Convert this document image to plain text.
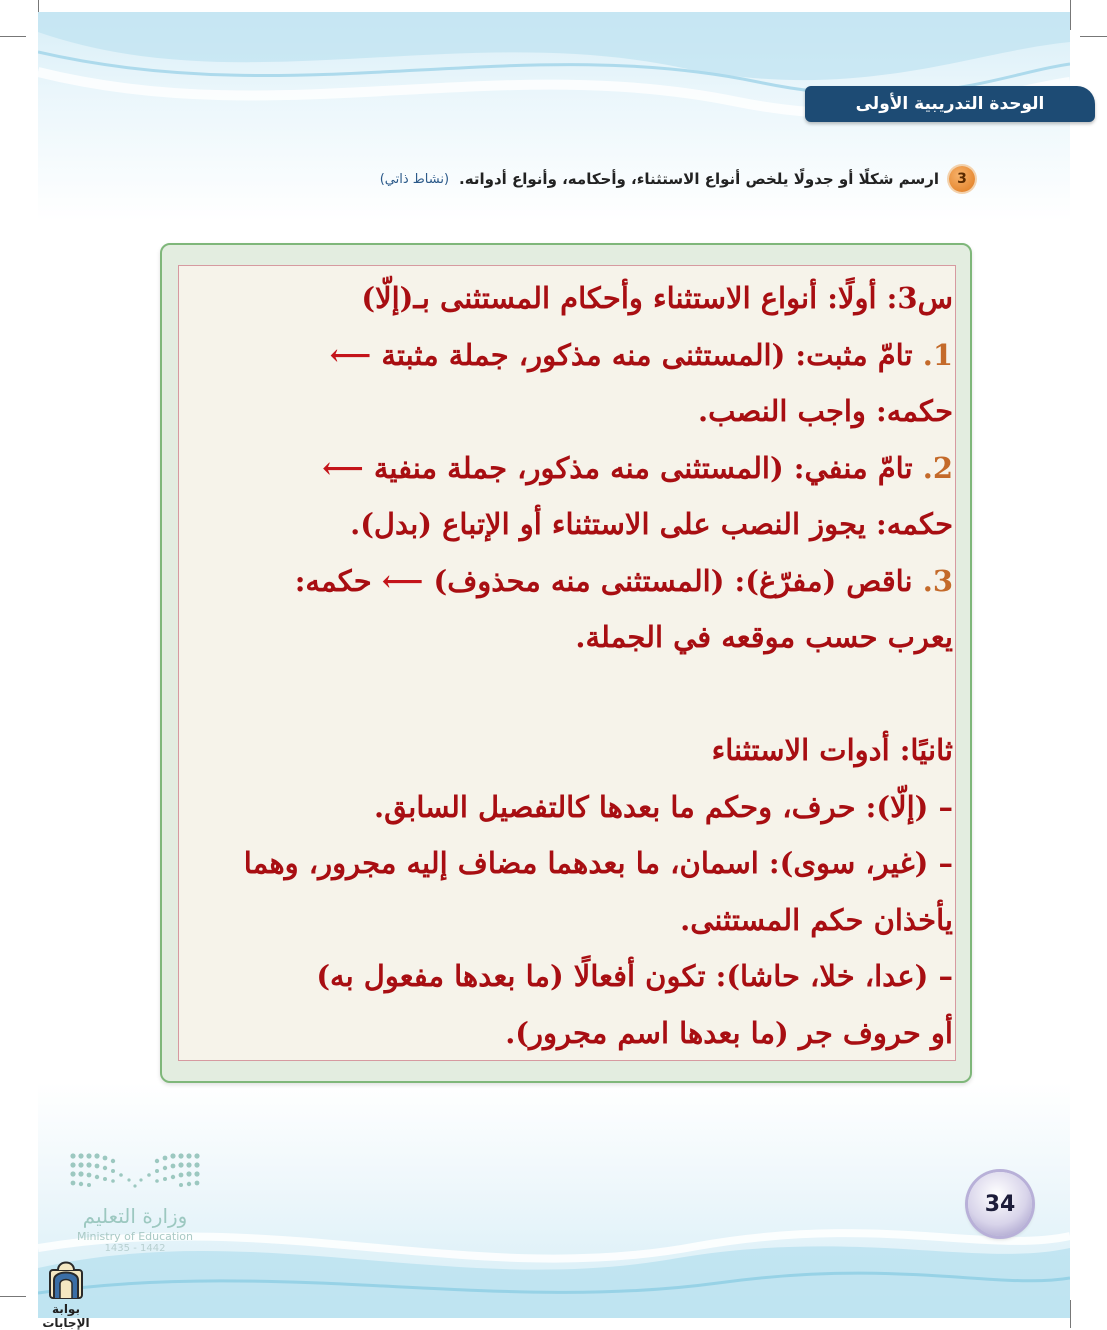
الوحدة التدريبية الأولى
3
ارسم شكلًا أو جدولًا يلخص أنواع الاستثناء، وأحكامه، وأنواع أدواته.
(نشاط ذاتي)
س3: أولًا: أنواع الاستثناء وأحكام المستثنى بـ(إلّا)
1. تامّ مثبت: (المستثنى منه مذكور، جملة مثبتة ⟵
حكمه: واجب النصب.
2. تامّ منفي: (المستثنى منه مذكور، جملة منفية ⟵
حكمه: يجوز النصب على الاستثناء أو الإتباع (بدل).
3. ناقص (مفرّغ): (المستثنى منه محذوف) ⟵ حكمه:
يعرب حسب موقعه في الجملة.
ثانيًا: أدوات الاستثناء
– (إلّا): حرف، وحكم ما بعدها كالتفصيل السابق.
– (غير، سوى): اسمان، ما بعدهما مضاف إليه مجرور، وهما
يأخذان حكم المستثنى.
– (عدا، خلا، حاشا): تكون أفعالًا (ما بعدها مفعول به)
أو حروف جر (ما بعدها اسم مجرور).
وزارة التعليم
Ministry of Education
1435 - 1442
بوابة الإجابات
34
